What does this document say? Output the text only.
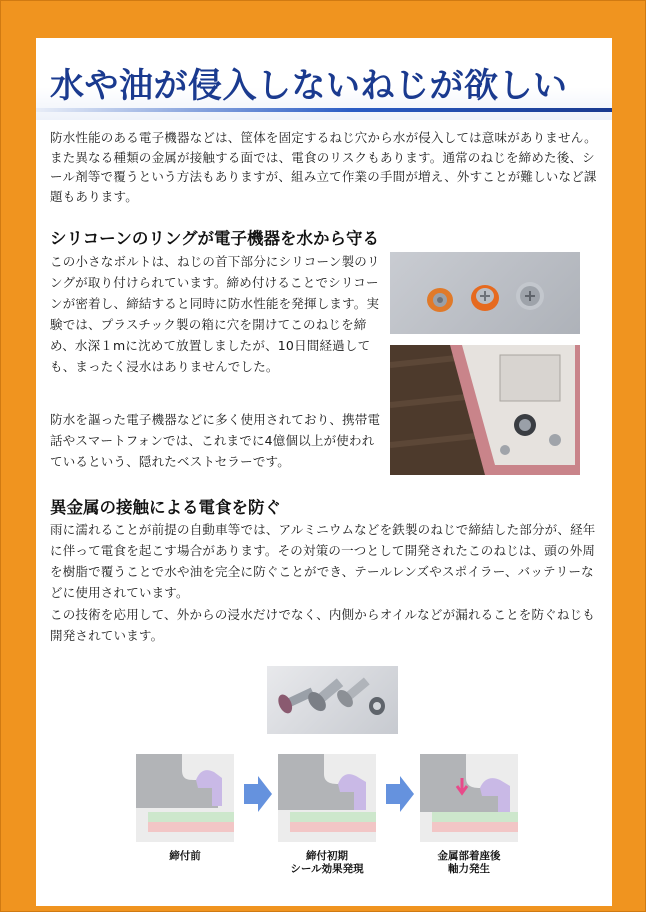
水や油が侵入しないねじが欲しい

防水性能のある電子機器などは、筐体を固定するねじ穴から水が侵入しては意味がありません。また異なる種類の金属が接触する面では、電食のリスクもあります。通常のねじを締めた後、シール剤等で覆うという方法もありますが、組み立て作業の手間が増え、外すことが難しいなど課題もあります。

シリコーンのリングが電子機器を水から守る

この小さなボルトは、ねじの首下部分にシリコーン製のリングが取り付けられています。締め付けることでシリコーンが密着し、締結すると同時に防水性能を発揮します。実験では、プラスチック製の箱に穴を開けてこのねじを締め、水深１mに沈めて放置しましたが、10日間経過しても、まったく浸水はありませんでした。

防水を謳った電子機器などに多く使用されており、携帯電話やスマートフォンでは、これまでに4億個以上が使われているという、隠れたベストセラーです。

異金属の接触による電食を防ぐ

雨に濡れることが前提の自動車等では、アルミニウムなどを鉄製のねじで締結した部分が、経年に伴って電食を起こす場合があります。その対策の一つとして開発されたこのねじは、頭の外周を樹脂で覆うことで水や油を完全に防ぐことができ、テールレンズやスポイラー、バッテリーなどに使用されています。

この技術を応用して、外からの浸水だけでなく、内側からオイルなどが漏れることを防ぐねじも開発されています。

締付前	締付初期
シール効果発現

金属部着座後
軸力発生
